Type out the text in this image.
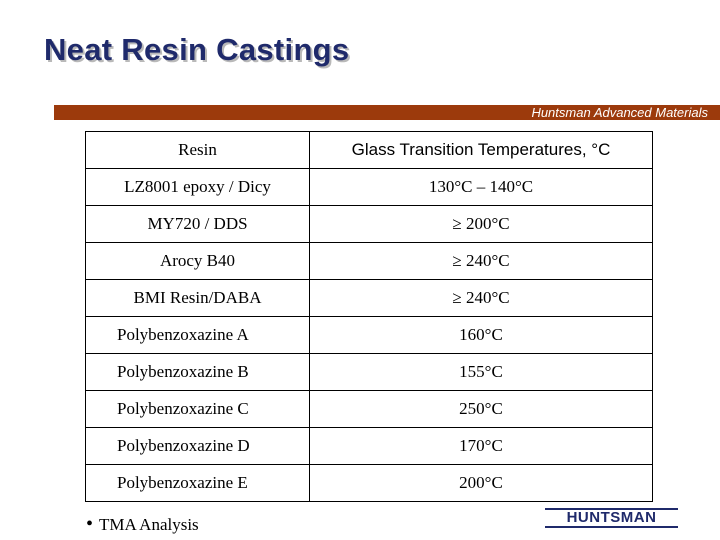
Neat Resin Castings
Huntsman Advanced Materials
Resin	Glass Transition Temperatures, °C
LZ8001 epoxy / Dicy	130°C – 140°C
MY720 / DDS	≥ 200°C
Arocy B40	≥ 240°C
BMI Resin/DABA	≥ 240°C
Polybenzoxazine A	160°C
Polybenzoxazine B	155°C
Polybenzoxazine C	250°C
Polybenzoxazine D	170°C
Polybenzoxazine E	200°C
• TMA Analysis	HUNTSMAN
